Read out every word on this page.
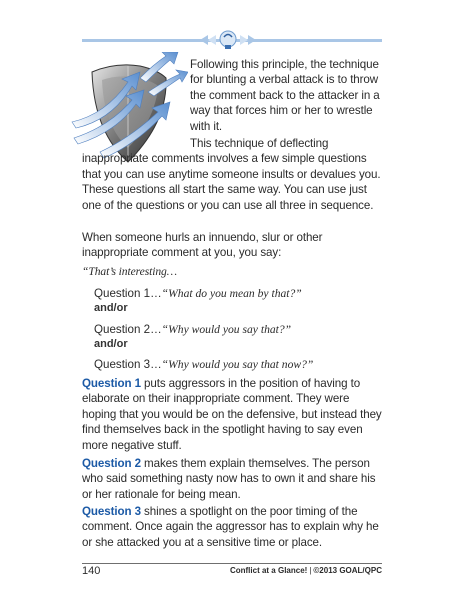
Following this principle, the technique for blunting a verbal attack is to throw the comment back to the attacker in a way that forces him or her to wrestle with it.
This technique of deflecting inappropriate comments involves a few simple questions that you can use anytime someone insults or devalues you. These questions all start the same way. You can use just one of the questions or you can use all three in sequence.
When someone hurls an innuendo, slur or other inappropriate comment at you, you say:
“That’s interesting…
Question 1…“What do you mean by that?”
and/or
Question 2…“Why would you say that?”
and/or
Question 3…“Why would you say that now?”
Question 1 puts aggressors in the position of having to elaborate on their inappropriate comment. They were hoping that you would be on the defensive, but instead they find themselves back in the spotlight having to say even more negative stuff.
Question 2 makes them explain themselves. The person who said something nasty now has to own it and share his or her rationale for being mean.
Question 3 shines a spotlight on the poor timing of the comment. Once again the aggressor has to explain why he or she attacked you at a sensitive time or place.
140	Conflict at a Glance! | ©2013 GOAL/QPC
